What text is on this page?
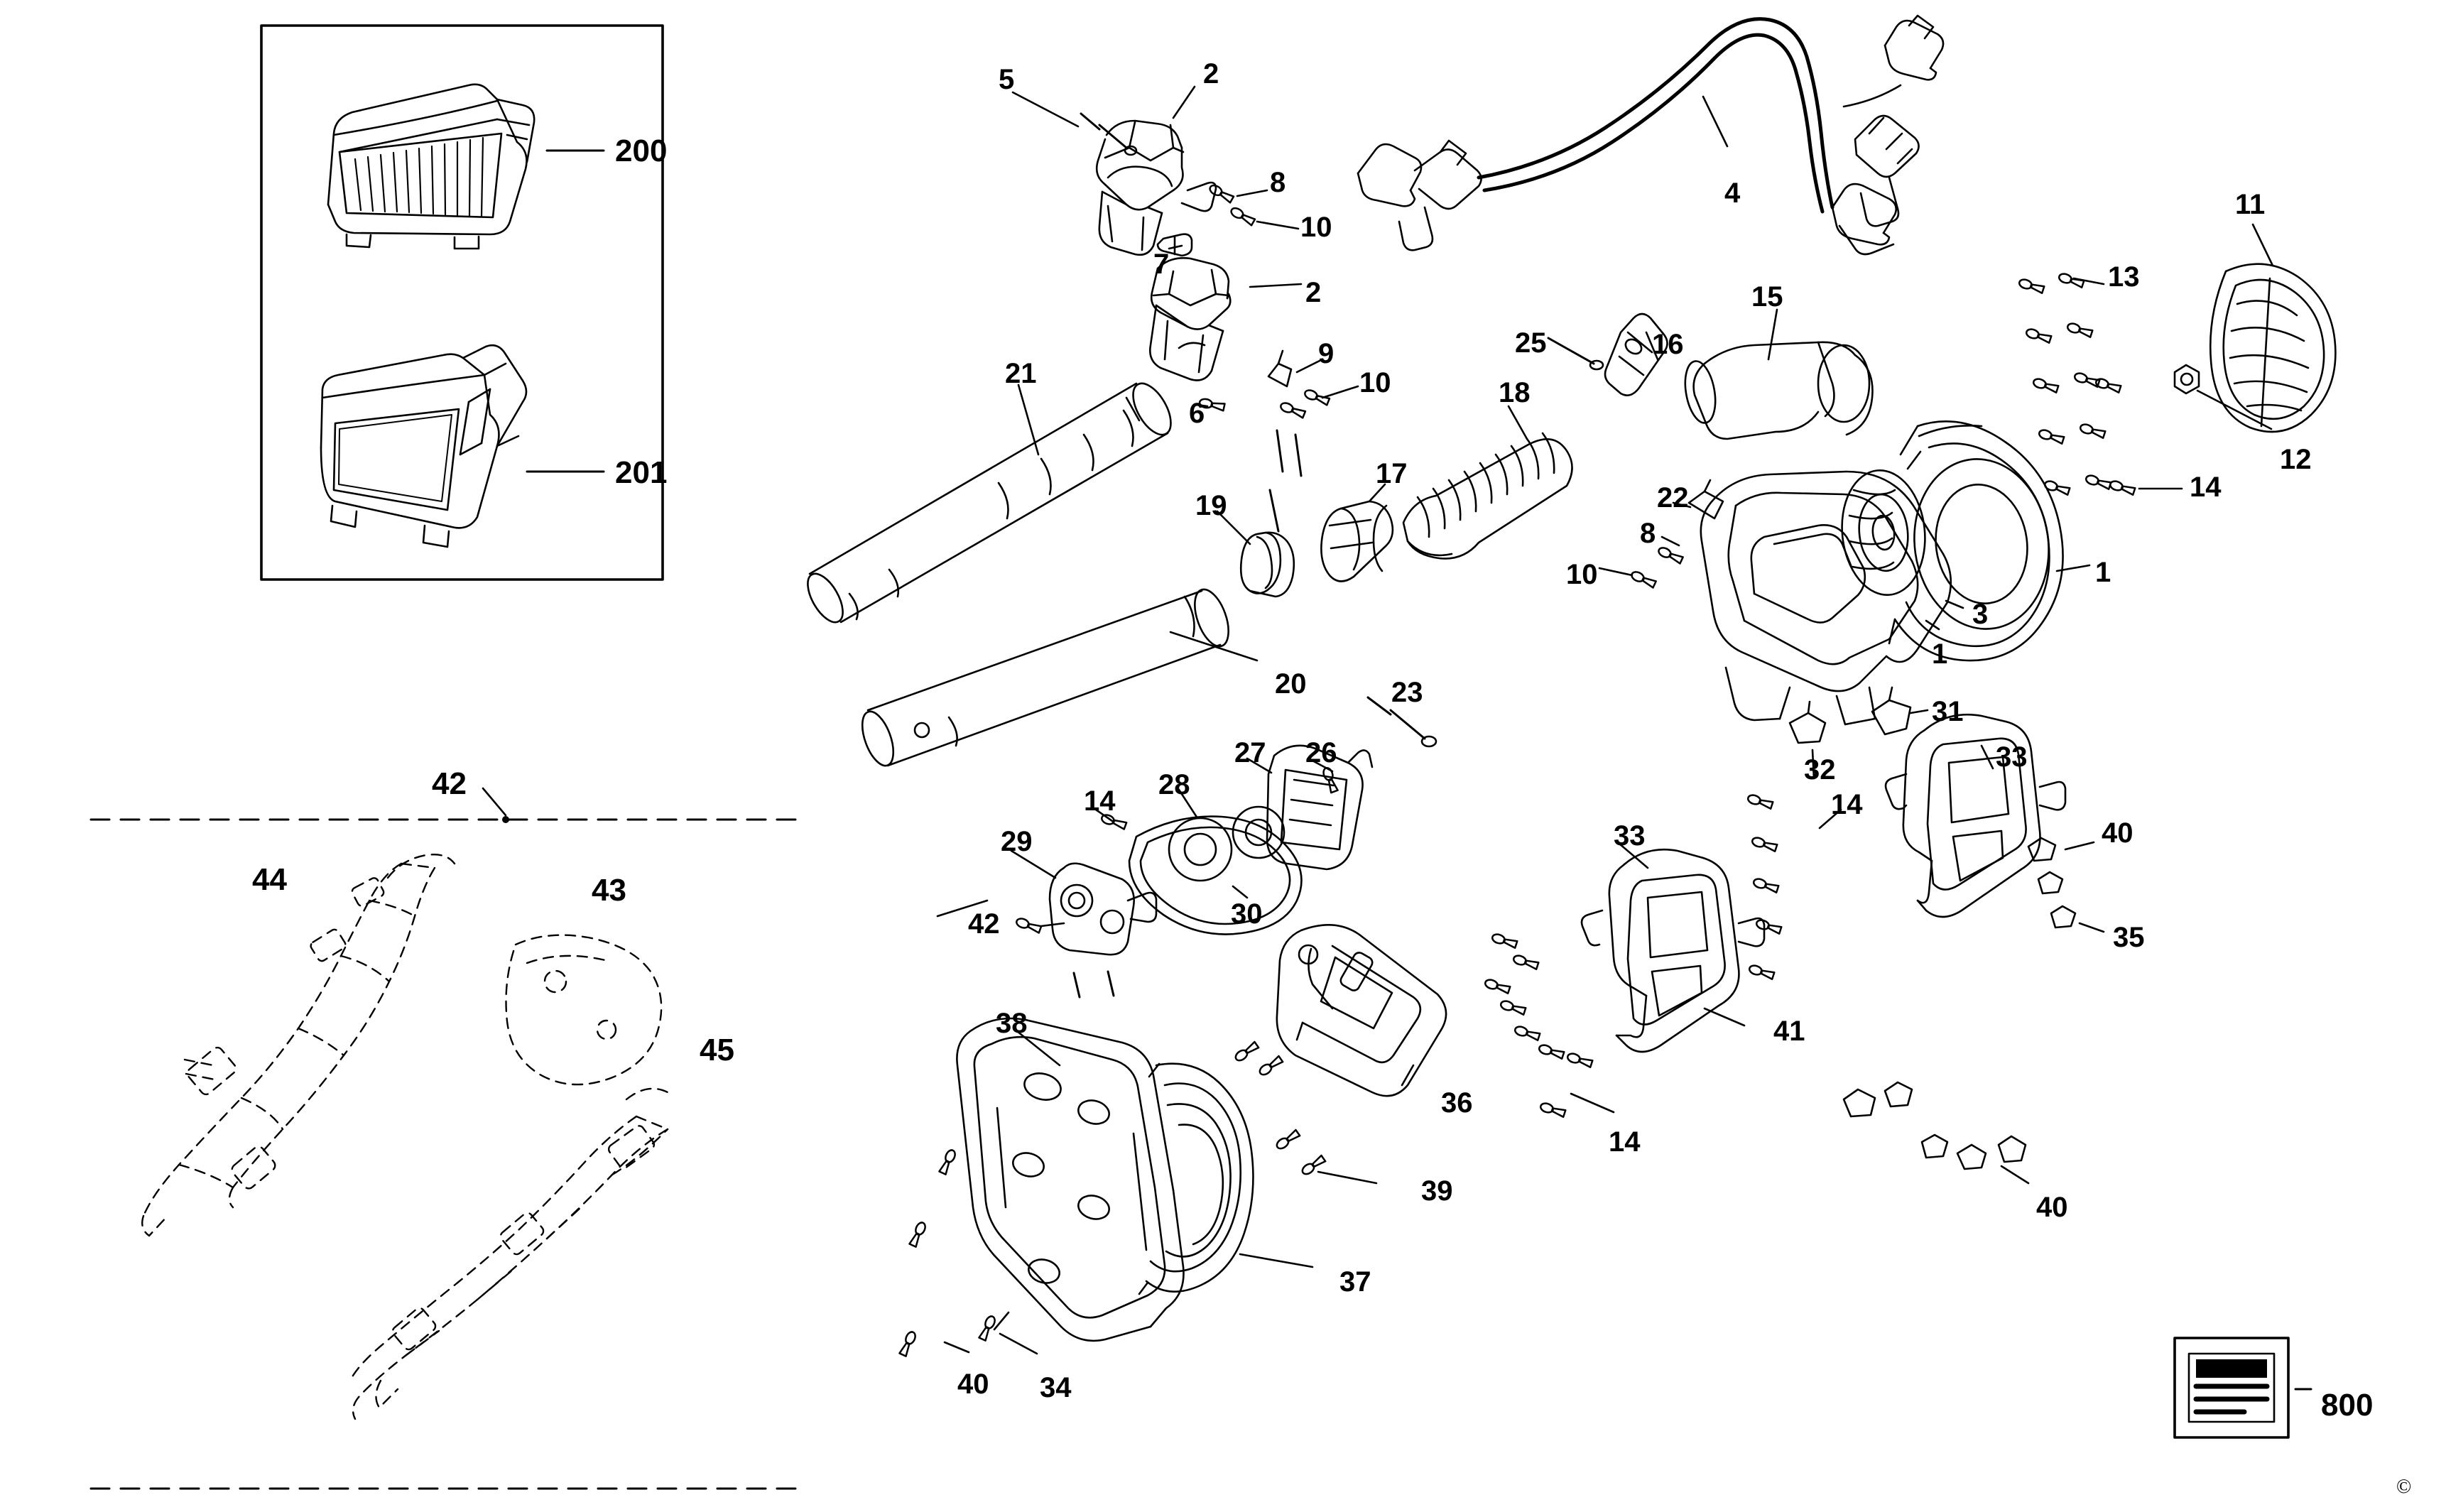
5	2
8
10
7
2
9
10
6
4	11
13
15
25	16
12
14
18
21
17
19	22
8
10
3
1
1
20	23
31
32	33
27 26
28
14	14
33	40
29
42	30
35
38	41
36
14
39
40
37
40 34
200
201
42
44	43
45
800
©
